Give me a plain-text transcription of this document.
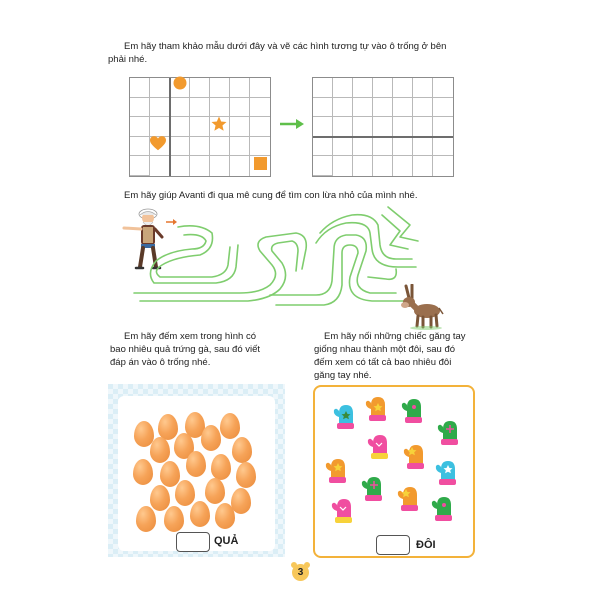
Em hãy tham khảo mẫu dưới đây và vẽ các hình tương tự vào ô trống ở bên
phải nhé.
Em hãy giúp Avanti đi qua mê cung để tìm con lừa nhỏ của mình nhé.
Em hãy đếm xem trong hình có
bao nhiêu quả trứng gà, sau đó viết
đáp án vào ô trống nhé.
QUẢ
Em hãy nối những chiếc găng tay
giống nhau thành một đôi, sau đó
đếm xem có tất cả bao nhiêu đôi
găng tay nhé.
ĐÔI
3
